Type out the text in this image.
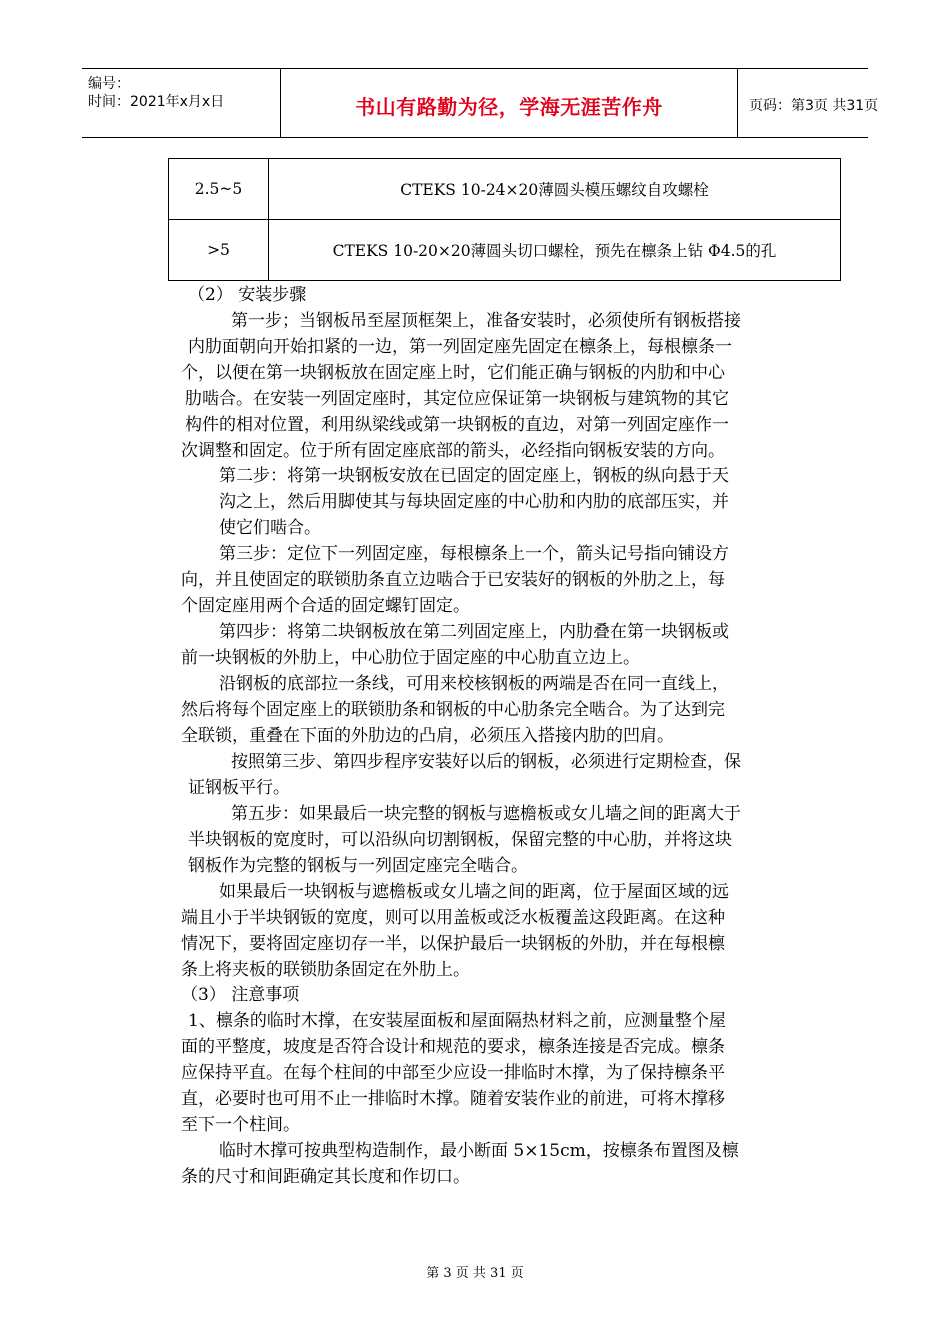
编号：
时间：2021年x月x日	书山有路勤为径，学海无涯苦作舟	页码：第3页 共31页
2.5~5	CTEKS 10-24×20薄圆头模压螺纹自攻螺栓
>5	CTEKS 10-20×20薄圆头切口螺栓，预先在檩条上钻 Φ4.5的孔
（2） 安装步骤
第一步；当钢板吊至屋顶框架上，准备安装时，必须使所有钢板搭接
内肋面朝向开始扣紧的一边，第一列固定座先固定在檩条上，每根檩条一
个，以便在第一块钢板放在固定座上时，它们能正确与钢板的内肋和中心
肋啮合。在安装一列固定座时，其定位应保证第一块钢板与建筑物的其它
构件的相对位置，利用纵梁线或第一块钢板的直边，对第一列固定座作一
次调整和固定。位于所有固定座底部的箭头，必经指向钢板安装的方向。
第二步：将第一块钢板安放在已固定的固定座上，钢板的纵向悬于天
沟之上，然后用脚使其与每块固定座的中心肋和内肋的底部压实，并
使它们啮合。
第三步：定位下一列固定座，每根檩条上一个，箭头记号指向铺设方
向，并且使固定的联锁肋条直立边啮合于已安装好的钢板的外肋之上，每
个固定座用两个合适的固定螺钉固定。
第四步：将第二块钢板放在第二列固定座上，内肋叠在第一块钢板或
前一块钢板的外肋上，中心肋位于固定座的中心肋直立边上。
沿钢板的底部拉一条线，可用来校核钢板的两端是否在同一直线上，
然后将每个固定座上的联锁肋条和钢板的中心肋条完全啮合。为了达到完
全联锁，重叠在下面的外肋边的凸肩，必须压入搭接内肋的凹肩。
按照第三步、第四步程序安装好以后的钢板，必须进行定期检查，保
证钢板平行。
第五步：如果最后一块完整的钢板与遮檐板或女儿墙之间的距离大于
半块钢板的宽度时，可以沿纵向切割钢板，保留完整的中心肋，并将这块
钢板作为完整的钢板与一列固定座完全啮合。
如果最后一块钢板与遮檐板或女儿墙之间的距离，位于屋面区域的远
端且小于半块钢钣的宽度，则可以用盖板或泛水板覆盖这段距离。在这种
情况下，要将固定座切存一半，以保护最后一块钢板的外肋，并在每根檩
条上将夹板的联锁肋条固定在外肋上。
（3） 注意事项
1、檩条的临时木撑，在安装屋面板和屋面隔热材料之前，应测量整个屋
面的平整度，坡度是否符合设计和规范的要求，檩条连接是否完成。檩条
应保持平直。在每个柱间的中部至少应设一排临时木撑，为了保持檩条平
直，必要时也可用不止一排临时木撑。随着安装作业的前进，可将木撑移
至下一个柱间。
临时木撑可按典型构造制作，最小断面 5×15cm，按檩条布置图及檩
条的尺寸和间距确定其长度和作切口。
第 3 页 共 31 页
